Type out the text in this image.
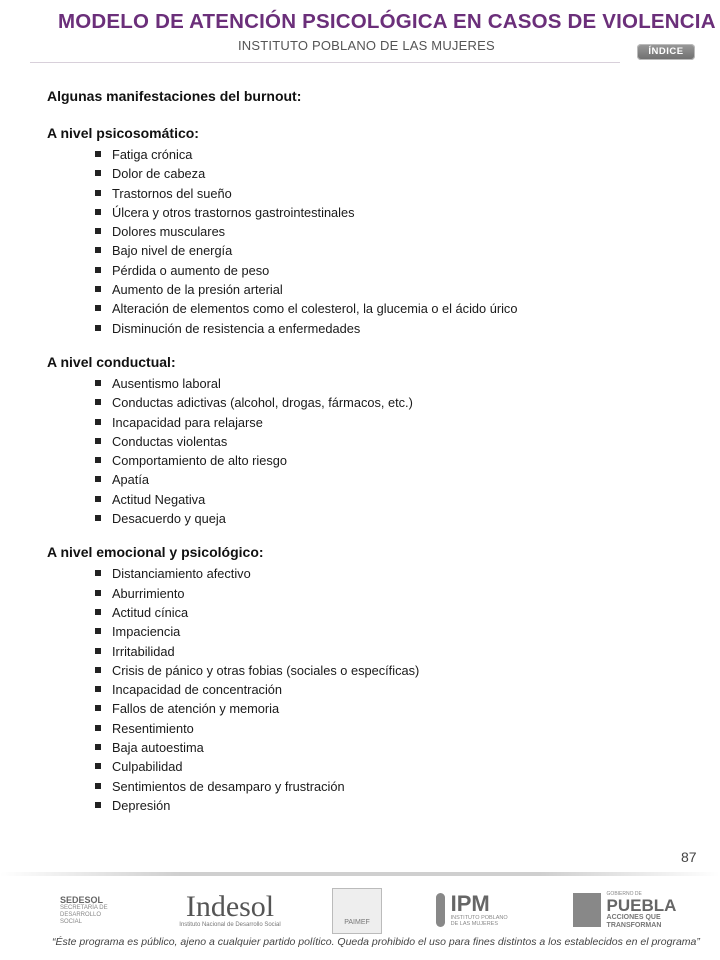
MODELO DE ATENCIÓN PSICOLÓGICA EN CASOS DE VIOLENCIA
INSTITUTO POBLANO DE LAS MUJERES	ÍNDICE
Algunas manifestaciones del burnout:
A nivel psicosomático:
Fatiga crónica
Dolor de cabeza
Trastornos del sueño
Úlcera y otros trastornos gastrointestinales
Dolores musculares
Bajo nivel de energía
Pérdida o aumento de peso
Aumento de la presión arterial
Alteración de elementos como el colesterol, la glucemia o el ácido úrico
Disminución de resistencia a enfermedades
A nivel conductual:
Ausentismo laboral
Conductas adictivas (alcohol, drogas, fármacos, etc.)
Incapacidad para relajarse
Conductas violentas
Comportamiento de alto riesgo
Apatía
Actitud Negativa
Desacuerdo y queja
A nivel emocional y psicológico:
Distanciamiento afectivo
Aburrimiento
Actitud cínica
Impaciencia
Irritabilidad
Crisis de pánico y otras fobias (sociales o específicas)
Incapacidad de concentración
Fallos de atención y memoria
Resentimiento
Baja autoestima
Culpabilidad
Sentimientos de desamparo y frustración
Depresión
87
SEDESOL
SECRETARÍA DE DESARROLLO SOCIAL	Indesol
Instituto Nacional de Desarrollo Social	PAIMEF
IPM
INSTITUTO POBLANO DE LAS MUJERES
GOBIERNO DE
PUEBLA
ACCIONES QUE
TRANSFORMAN
“Éste programa es público, ajeno a cualquier partido político. Queda prohibido el uso para fines distintos a los establecidos en el programa”
